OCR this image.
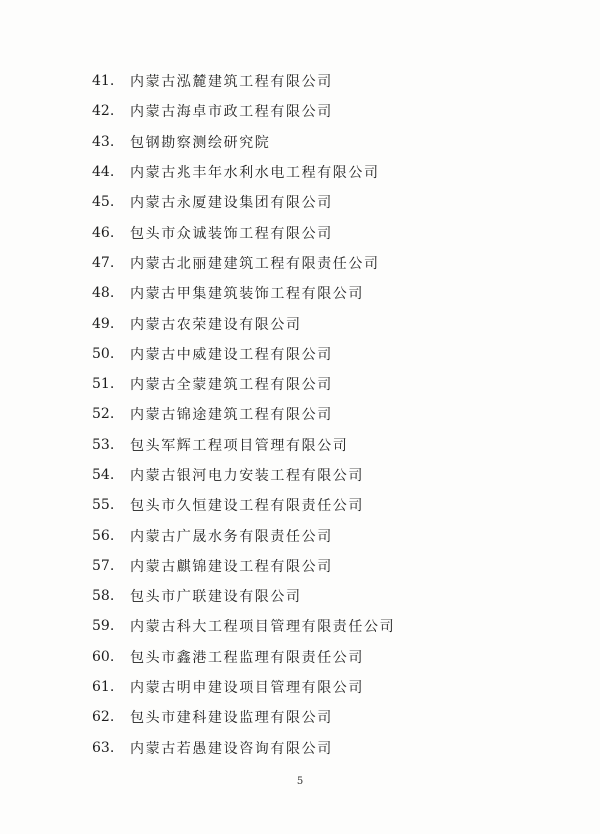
41.	内蒙古泓麓建筑工程有限公司
42.	内蒙古海卓市政工程有限公司
43.	包钢勘察测绘研究院
44.	内蒙古兆丰年水利水电工程有限公司
45.	内蒙古永厦建设集团有限公司
46.	包头市众诚装饰工程有限公司
47.	内蒙古北丽建建筑工程有限责任公司
48.	内蒙古甲集建筑装饰工程有限公司
49.	内蒙古农荣建设有限公司
50.	内蒙古中威建设工程有限公司
51.	内蒙古全蒙建筑工程有限公司
52.	内蒙古锦途建筑工程有限公司
53.	包头军辉工程项目管理有限公司
54.	内蒙古银河电力安装工程有限公司
55.	包头市久恒建设工程有限责任公司
56.	内蒙古广晟水务有限责任公司
57.	内蒙古麒锦建设工程有限公司
58.	包头市广联建设有限公司
59.	内蒙古科大工程项目管理有限责任公司
60.	包头市鑫港工程监理有限责任公司
61.	内蒙古明申建设项目管理有限公司
62.	包头市建科建设监理有限公司
63.	内蒙古若愚建设咨询有限公司
5
